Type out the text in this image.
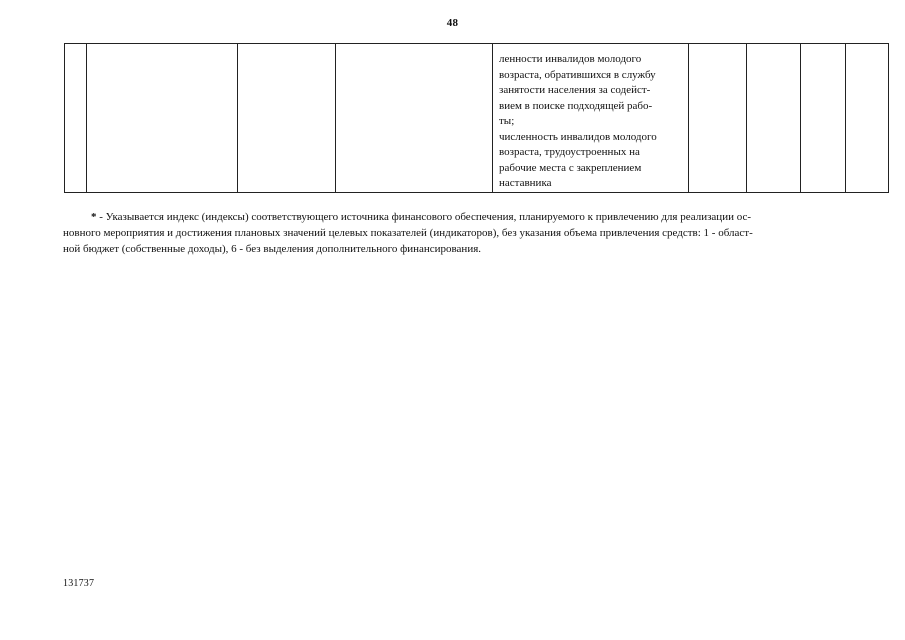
48

ленности инвалидов молодого
возраста, обратившихся в службу
занятости населения за содейст-
вием в поиске подходящей рабо-
ты;
численность инвалидов молодого
возраста, трудоустроенных на
рабочие места с закреплением
наставника

* - Указывается индекс (индексы) соответствующего источника финансового обеспечения, планируемого к привлечению для реализации ос-
новного мероприятия и достижения плановых значений целевых показателей (индикаторов), без указания объема привлечения средств: 1 - област-
ной бюджет (собственные доходы), 6 - без выделения дополнительного финансирования.
131737
